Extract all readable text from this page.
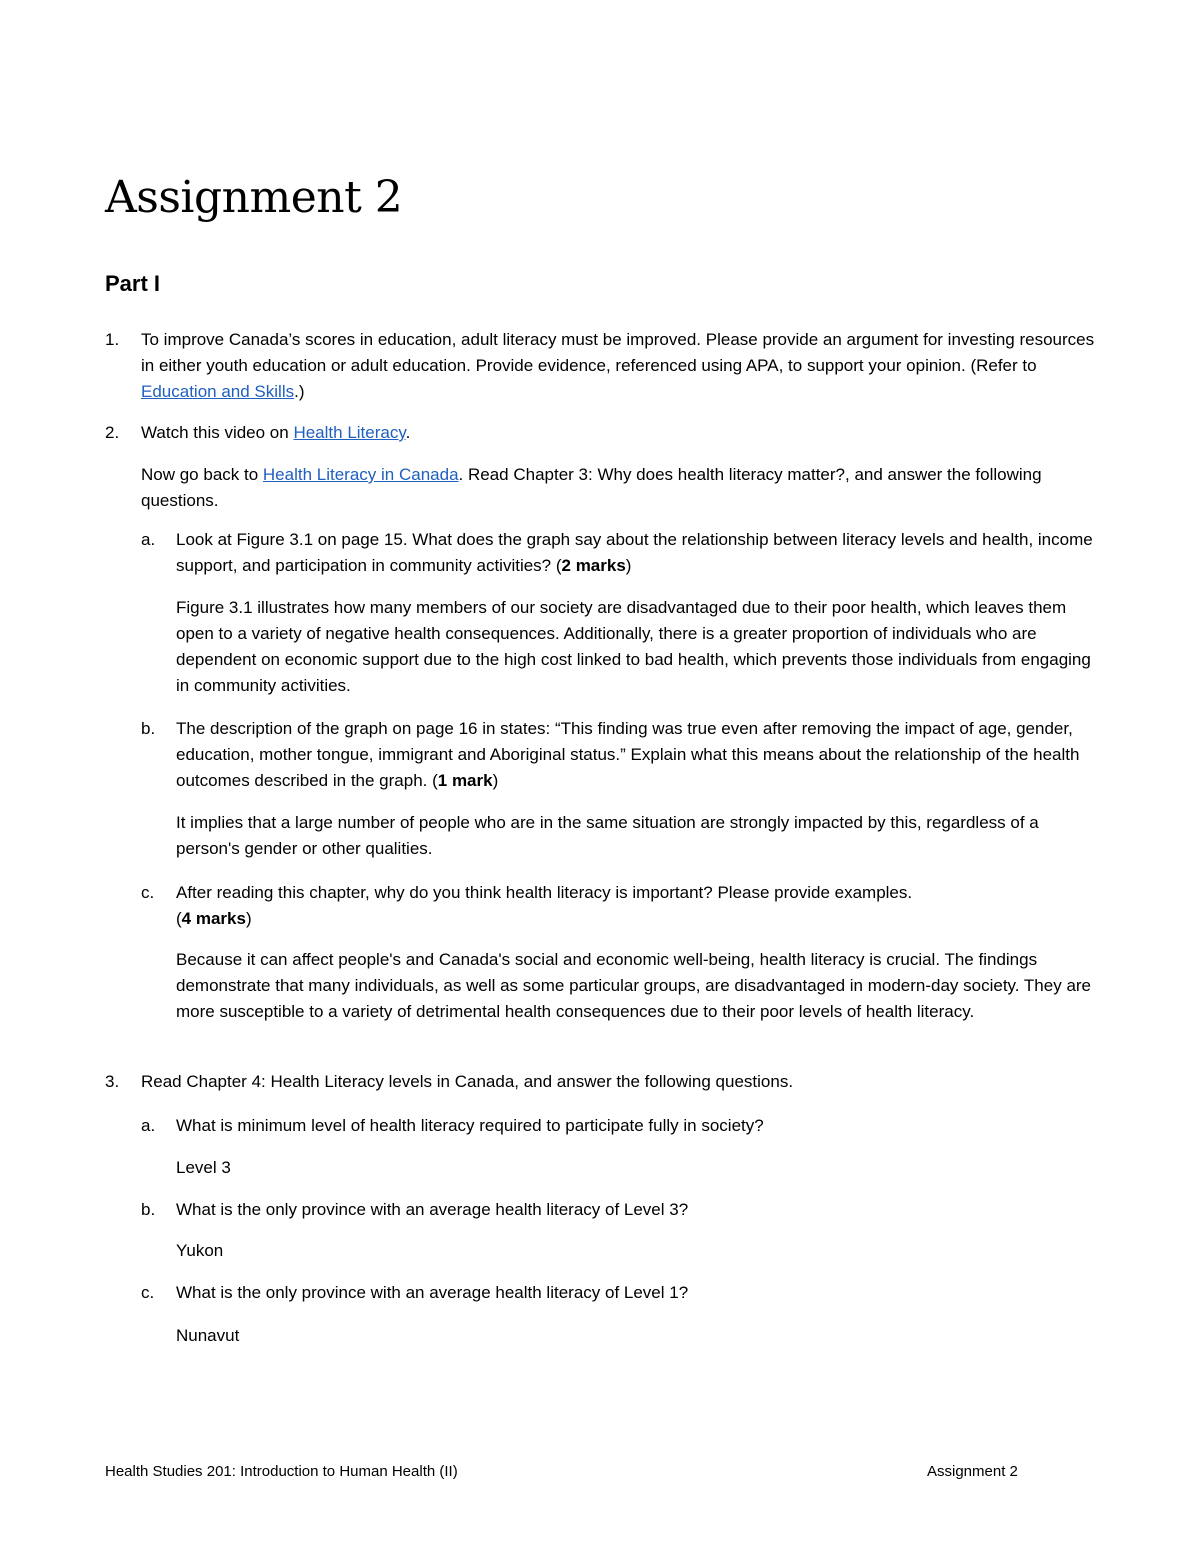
Assignment 2
Part I
1. To improve Canada’s scores in education, adult literacy must be improved. Please provide an argument for investing resources in either youth education or adult education. Provide evidence, referenced using APA, to support your opinion. (Refer to Education and Skills.)

2. Watch this video on Health Literacy.

Now go back to Health Literacy in Canada. Read Chapter 3: Why does health literacy matter?, and answer the following questions.

a. Look at Figure 3.1 on page 15. What does the graph say about the relationship between literacy levels and health, income support, and participation in community activities? (2 marks)

Figure 3.1 illustrates how many members of our society are disadvantaged due to their poor health, which leaves them open to a variety of negative health consequences. Additionally, there is a greater proportion of individuals who are dependent on economic support due to the high cost linked to bad health, which prevents those individuals from engaging in community activities.

b. The description of the graph on page 16 in states: “This finding was true even after removing the impact of age, gender, education, mother tongue, immigrant and Aboriginal status.” Explain what this means about the relationship of the health outcomes described in the graph. (1 mark)

It implies that a large number of people who are in the same situation are strongly impacted by this, regardless of a person's gender or other qualities.

c. After reading this chapter, why do you think health literacy is important? Please provide examples.
(4 marks)

Because it can affect people's and Canada's social and economic well-being, health literacy is crucial. The findings demonstrate that many individuals, as well as some particular groups, are disadvantaged in modern-day society. They are more susceptible to a variety of detrimental health consequences due to their poor levels of health literacy.

3. Read Chapter 4: Health Literacy levels in Canada, and answer the following questions.

a. What is minimum level of health literacy required to participate fully in society?

Level 3

b. What is the only province with an average health literacy of Level 3?

Yukon

c. What is the only province with an average health literacy of Level 1?

Nunavut

Health Studies 201: Introduction to Human Health (II)	Assignment 2
